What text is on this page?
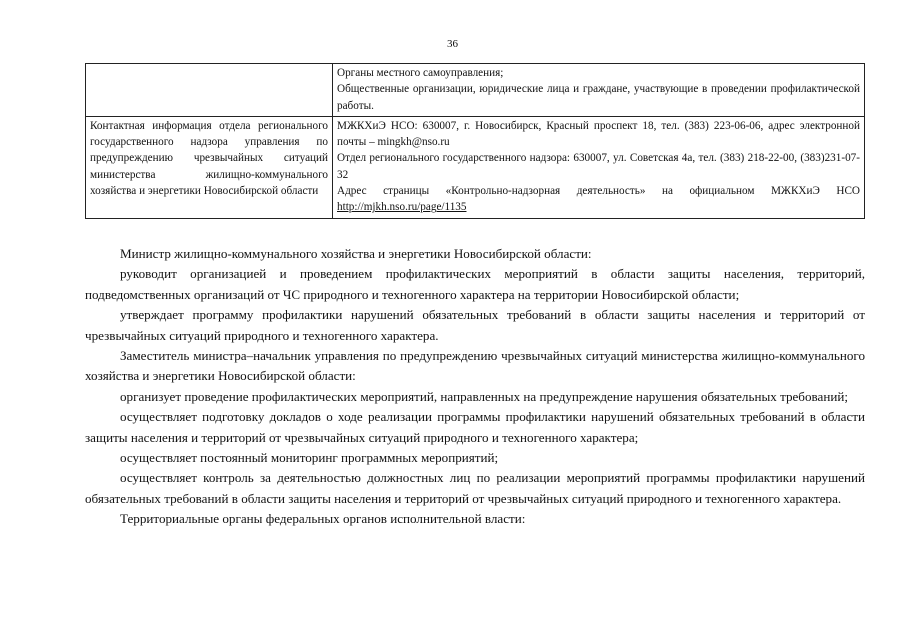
36

	Органы местного самоуправления;
Общественные организации, юридические лица и граждане, участвующие в проведении профилактической работы.

Контактная информация отдела регионального государственного надзора управления по предупреждению чрезвычайных ситуаций министерства жилищно-коммунального хозяйства и энергетики Новосибирской области	МЖКХиЭ НСО: 630007, г. Новосибирск, Красный проспект 18, тел. (383) 223-06-06, адрес электронной почты – mingkh@nso.ru
Отдел регионального государственного надзора: 630007, ул. Советская 4а, тел. (383) 218-22-00, (383)231-07-32
Адрес страницы «Контрольно-надзорная деятельность» на официальном МЖКХиЭ НСО
http://mjkh.nso.ru/page/1135

Министр жилищно-коммунального хозяйства и энергетики Новосибирской области:

руководит организацией и проведением профилактических мероприятий в области защиты населения, территорий, подведомственных организаций от ЧС природного и техногенного характера на территории Новосибирской области;

утверждает программу профилактики нарушений обязательных требований в области защиты населения и территорий от чрезвычайных ситуаций природного и техногенного характера.

Заместитель министра–начальник управления по предупреждению чрезвычайных ситуаций министерства жилищно-коммунального хозяйства и энергетики Новосибирской области:

организует проведение профилактических мероприятий, направленных на предупреждение нарушения обязательных требований;

осуществляет подготовку докладов о ходе реализации программы профилактики нарушений обязательных требований в области защиты населения и территорий от чрезвычайных ситуаций природного и техногенного характера;

осуществляет постоянный мониторинг программных мероприятий;

осуществляет контроль за деятельностью должностных лиц по реализации мероприятий программы профилактики нарушений обязательных требований в области защиты населения и территорий от чрезвычайных ситуаций природного и техногенного характера.

Территориальные органы федеральных органов исполнительной власти:
